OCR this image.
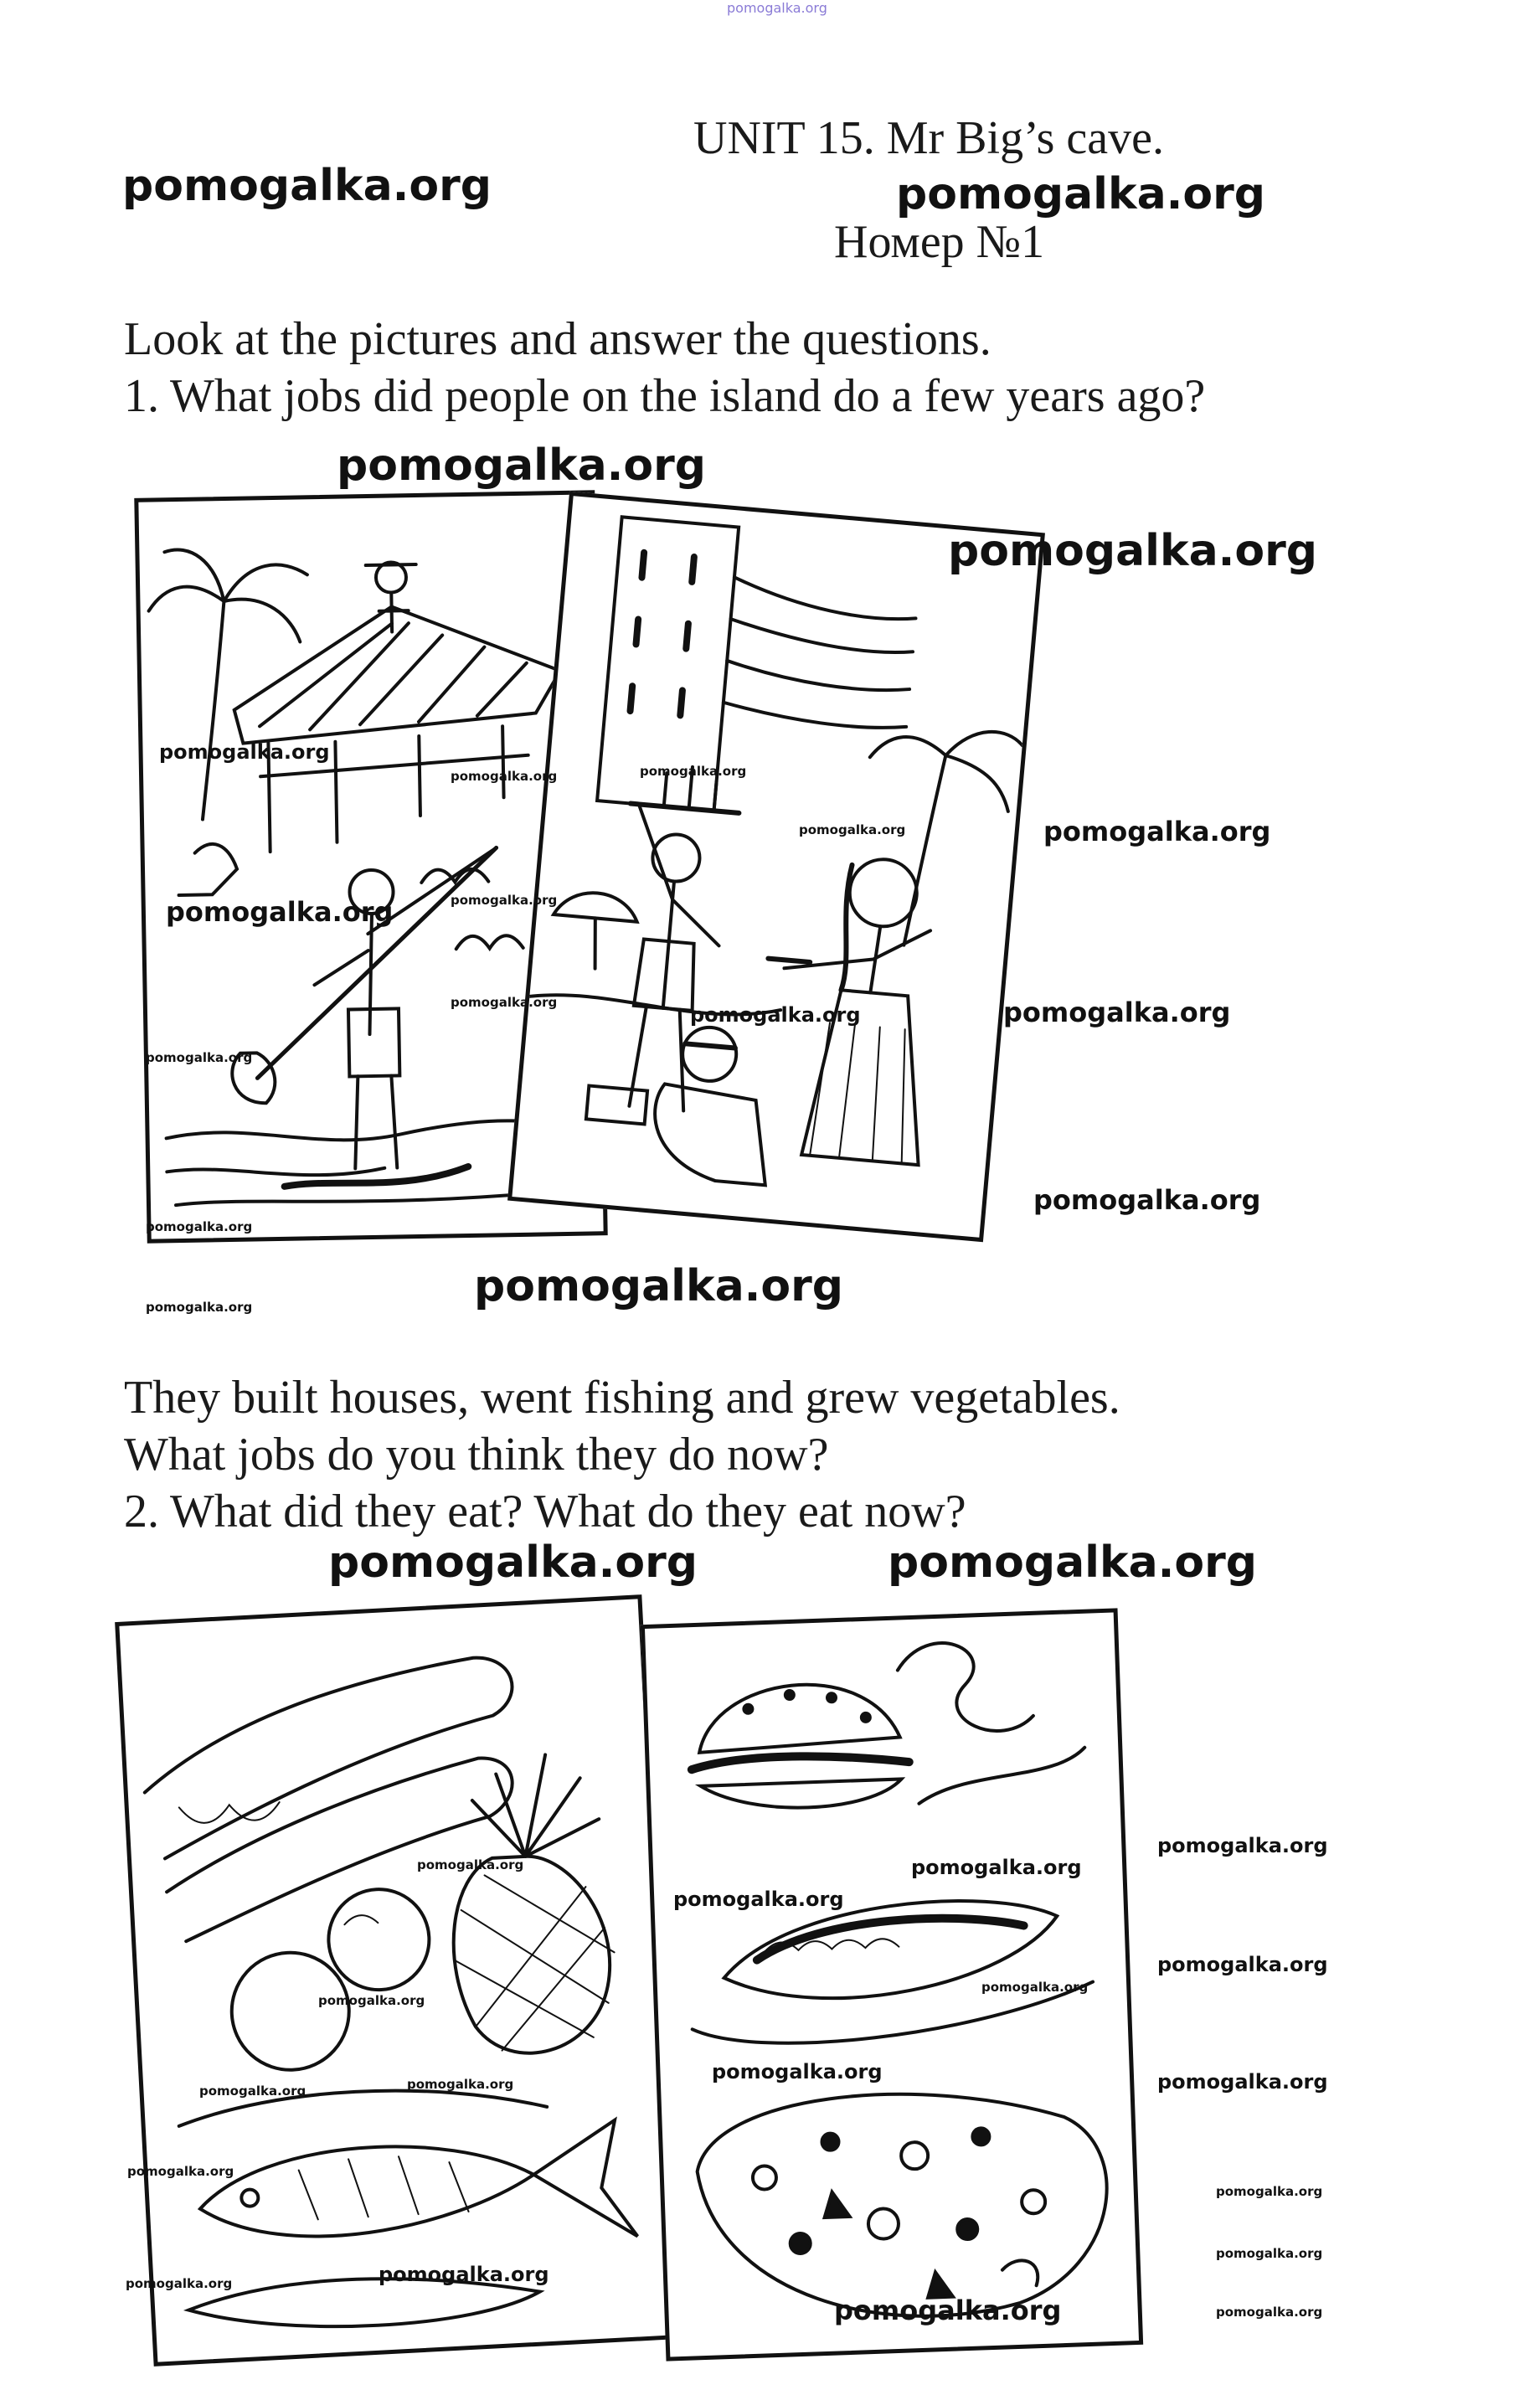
pomogalka.org
UNIT 15. Mr Big’s cave.
Номер №1
pomogalka.org	pomogalka.org
Look at the pictures and answer the questions.
1. What jobs did people on the island do a few years ago?
pomogalka.org
pomogalka.org
pomogalka.org
pomogalka.org	pomogalka.org
pomogalka.org	pomogalka.org
pomogalka.org	pomogalka.org
pomogalka.org
pomogalka.org	pomogalka.org
pomogalka.org
pomogalka.org
pomogalka.org
pomogalka.org
pomogalka.org
They built houses, went fishing and grew vegetables.
What jobs do you think they do now?
2. What did they eat? What do they eat now?
pomogalka.org	pomogalka.org
pomogalka.org
pomogalka.org	pomogalka.org
pomogalka.org
pomogalka.org
pomogalka.org
pomogalka.org
pomogalka.org	pomogalka.org
pomogalka.org
pomogalka.org
pomogalka.org
pomogalka.org
pomogalka.org
pomogalka.org
pomogalka.org
pomogalka.org	pomogalka.org
